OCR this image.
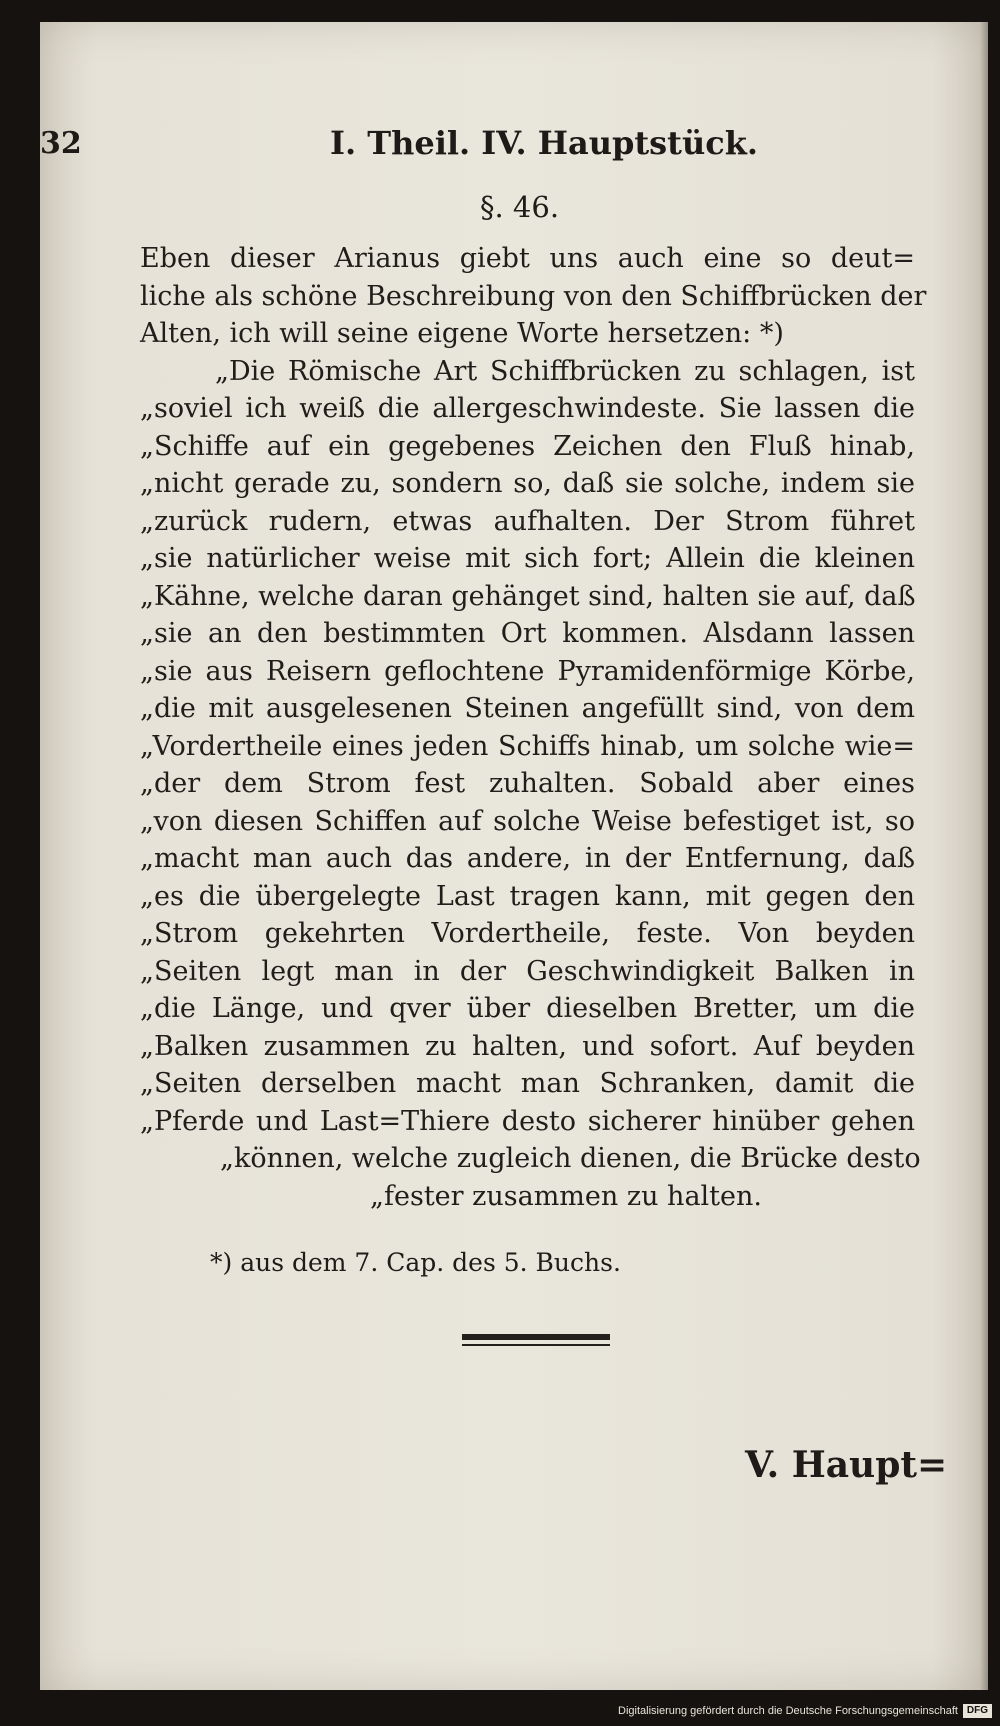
32	I. Theil. IV. Hauptstück.
§. 46.
Eben dieser Arianus giebt uns auch eine so deut=
liche als schöne Beschreibung von den Schiffbrücken der
Alten, ich will seine eigene Worte hersetzen: *)
„Die Römische Art Schiffbrücken zu schlagen, ist
„soviel ich weiß die allergeschwindeste. Sie lassen die
„Schiffe auf ein gegebenes Zeichen den Fluß hinab,
„nicht gerade zu, sondern so, daß sie solche, indem sie
„zurück rudern, etwas aufhalten. Der Strom führet
„sie natürlicher weise mit sich fort; Allein die kleinen
„Kähne, welche daran gehänget sind, halten sie auf, daß
„sie an den bestimmten Ort kommen. Alsdann lassen
„sie aus Reisern geflochtene Pyramidenförmige Körbe,
„die mit ausgelesenen Steinen angefüllt sind, von dem
„Vordertheile eines jeden Schiffs hinab, um solche wie=
„der dem Strom fest zuhalten. Sobald aber eines
„von diesen Schiffen auf solche Weise befestiget ist, so
„macht man auch das andere, in der Entfernung, daß
„es die übergelegte Last tragen kann, mit gegen den
„Strom gekehrten Vordertheile, feste. Von beyden
„Seiten legt man in der Geschwindigkeit Balken in
„die Länge, und qver über dieselben Bretter, um die
„Balken zusammen zu halten, und sofort. Auf beyden
„Seiten derselben macht man Schranken, damit die
„Pferde und Last=Thiere desto sicherer hinüber gehen
„können, welche zugleich dienen, die Brücke desto
„fester zusammen zu halten.
*) aus dem 7. Cap. des 5. Buchs.
V. Haupt=
Digitalisierung gefördert durch die Deutsche Forschungsgemeinschaft DFG
